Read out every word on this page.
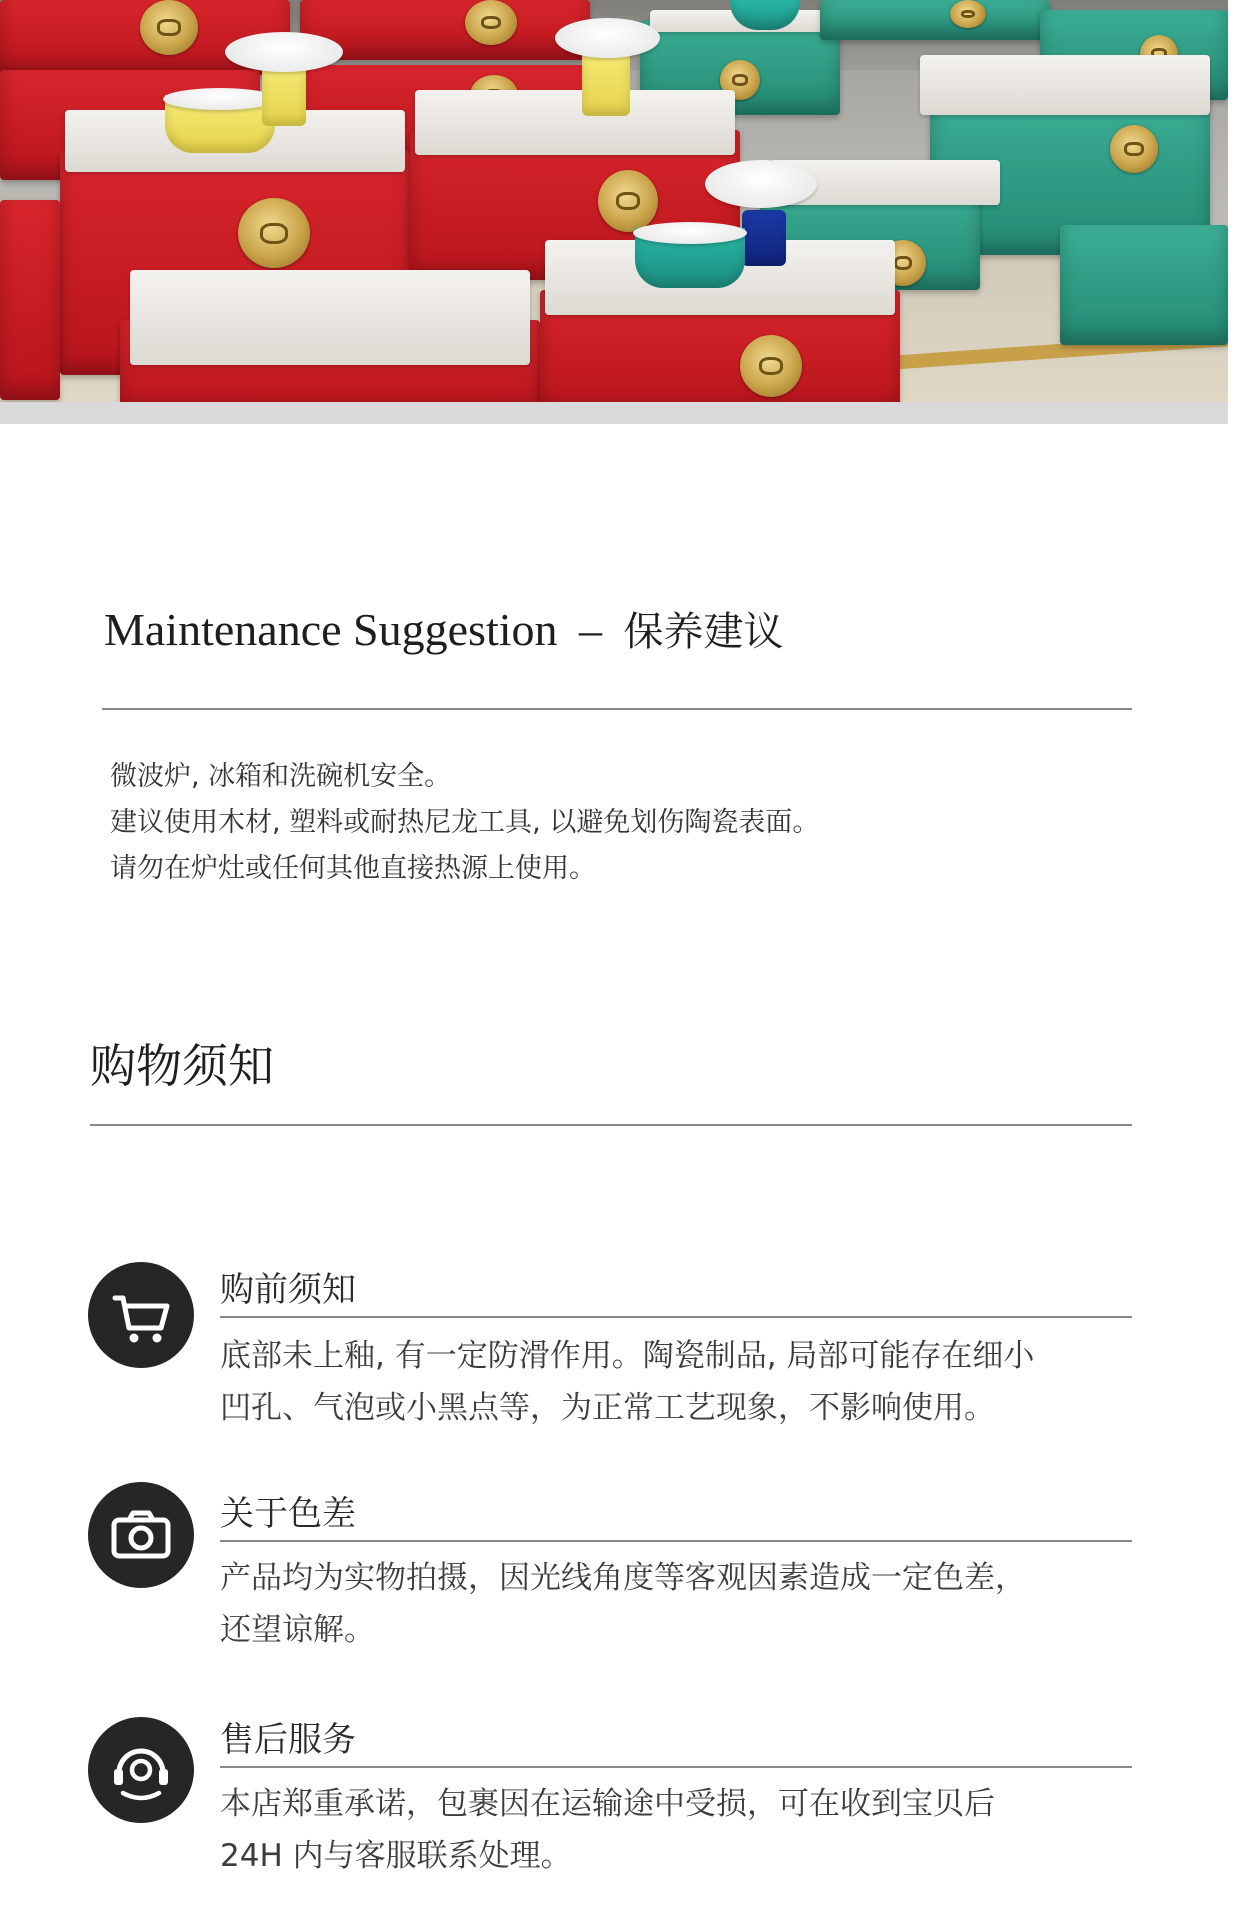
Maintenance Suggestion – 保养建议
微波炉, 冰箱和洗碗机安全。
建议使用木材, 塑料或耐热尼龙工具, 以避免划伤陶瓷表面。
请勿在炉灶或任何其他直接热源上使用。
购物须知
购前须知
底部未上釉, 有一定防滑作用。陶瓷制品, 局部可能存在细小
凹孔、气泡或小黑点等，为正常工艺现象，不影响使用。
关于色差
产品均为实物拍摄，因光线角度等客观因素造成一定色差，
还望谅解。
售后服务
本店郑重承诺，包裹因在运输途中受损，可在收到宝贝后
24H 内与客服联系处理。
